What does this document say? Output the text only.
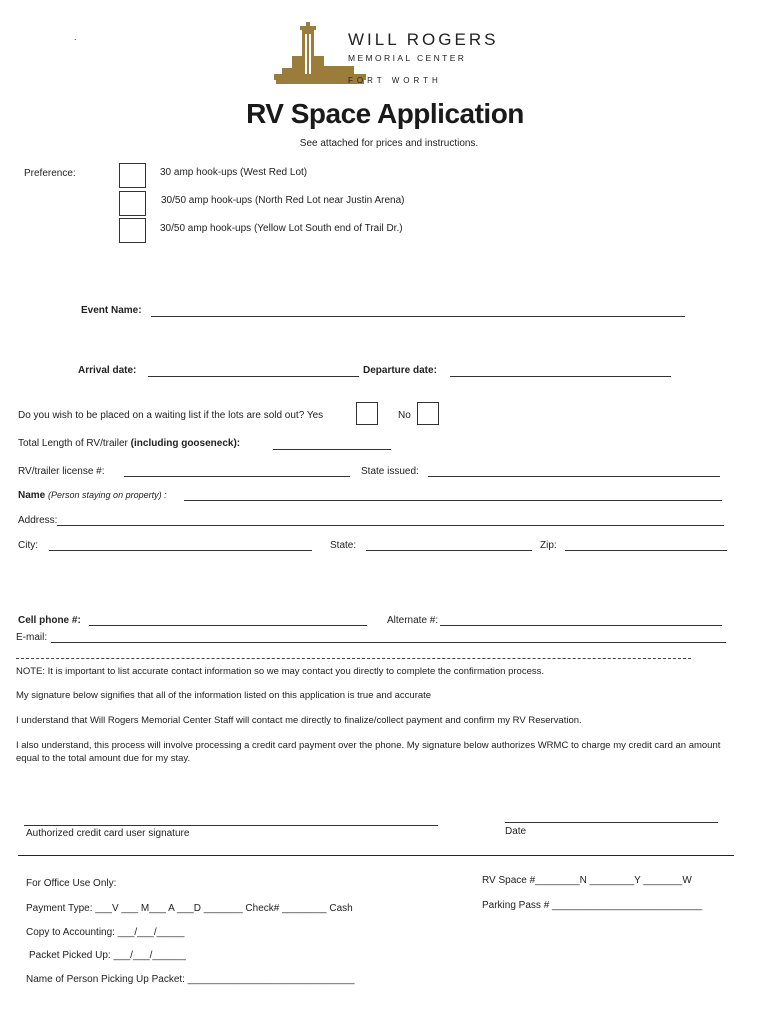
.	WILL ROGERS
MEMORIAL CENTER
FORT WORTH
RV Space Application
See attached for prices and instructions.
Preference:	30 amp hook-ups (West Red Lot)
30/50 amp hook-ups (North Red Lot near Justin Arena)
30/50 amp hook-ups (Yellow Lot South end of Trail Dr.)
Event Name:
Arrival date:	Departure date:
Do you wish to be placed on a waiting list if the lots are sold out? Yes	No
Total Length of RV/trailer (including gooseneck):
RV/trailer license #:	State issued:
Name (Person staying on property) :
Address:
City:	State:	Zip:
Cell phone #:	Alternate #:
E-mail:
NOTE: It is important to list accurate contact information so we may contact you directly to complete the confirmation process.
My signature below signifies that all of the information listed on this application is true and accurate
I understand that Will Rogers Memorial Center Staff will contact me directly to finalize/collect payment and confirm my RV Reservation.
I also understand, this process will involve processing a credit card payment over the phone. My signature below authorizes WRMC to charge my credit card an amount equal to the total amount due for my stay.
Authorized credit card user signature	Date
For Office Use Only:	RV Space #________N ________Y _______W
Payment Type: ___V ___ M___ A ___D _______ Check# ________ Cash	Parking Pass # ___________________________
Copy to Accounting: ___/___/_____
Packet Picked Up: ___/___/______
Name of Person Picking Up Packet: ______________________________
